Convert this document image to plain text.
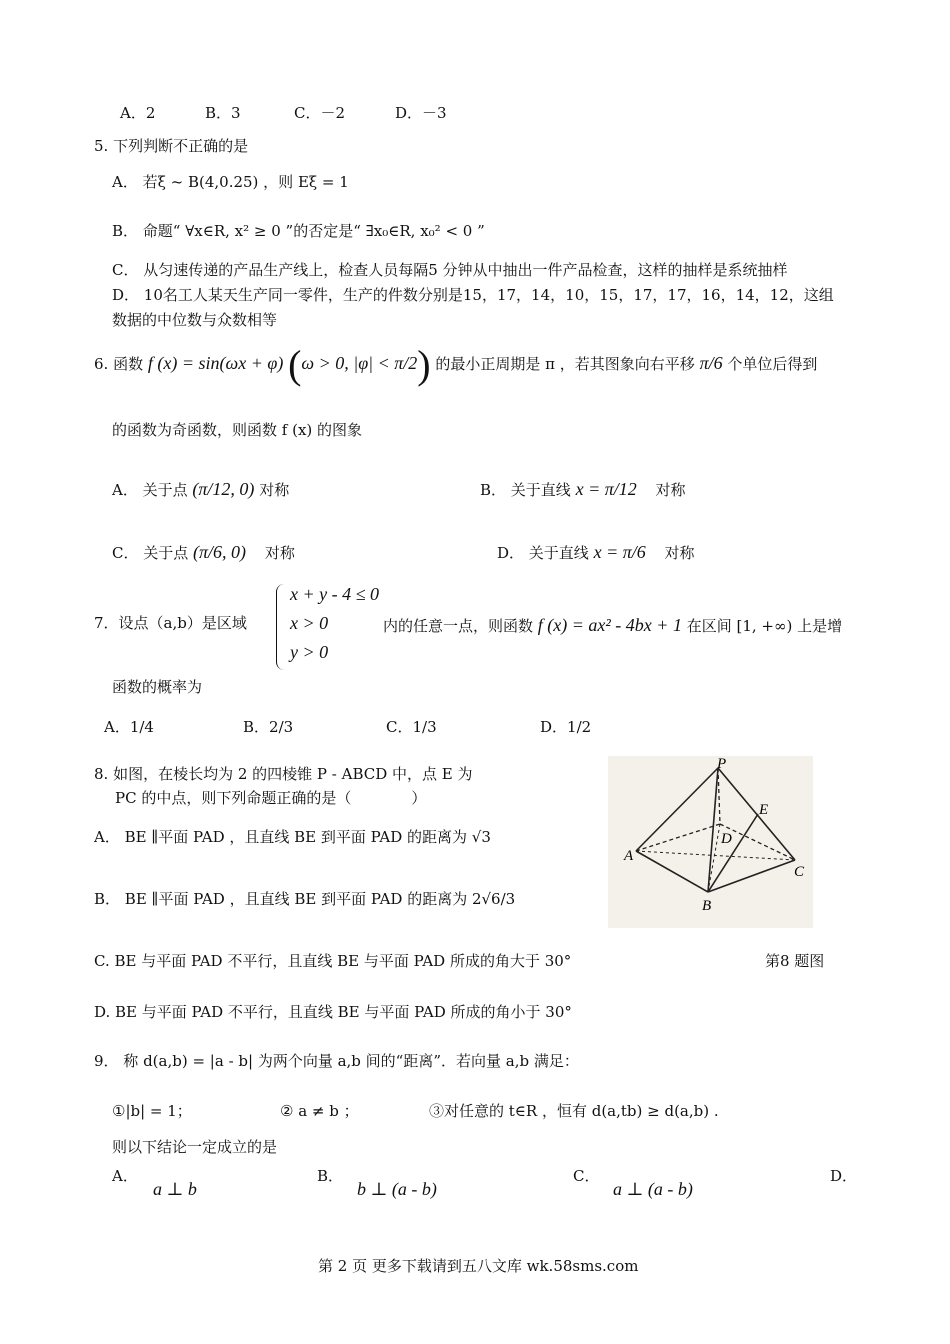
A．2	B．3	C．－2	D．－3
5. 下列判断不正确的是
A． 若ξ ~ B(4,0.25) ，则 Eξ = 1
B． 命题“ ∀x∈R, x² ≥ 0 ”的否定是“ ∃x₀∈R, x₀² < 0 ”
C． 从匀速传递的产品生产线上，检查人员每隔5 分钟从中抽出一件产品检查，这样的抽样是系统抽样
D． 10名工人某天生产同一零件，生产的件数分别是15，17，14，10，15，17，17，16，14，12，这组
数据的中位数与众数相等
6. 函数 f (x) = sin(ωx + φ) (ω > 0, |φ| < π/2) 的最小正周期是 π ，若其图象向右平移 π/6 个单位后得到
的函数为奇函数，则函数 f (x) 的图象
A． 关于点 (π/12, 0) 对称	B． 关于直线 x = π/12 对称
C． 关于点 (π/6, 0) 对称	D． 关于直线 x = π/6 对称
7．设点（a,b）是区域
x + y - 4 ≤ 0
x > 0
y > 0
内的任意一点，则函数 f (x) = ax² - 4bx + 1 在区间 [1, +∞) 上是增
函数的概率为
A．1/4	B．2/3	C．1/3	D．1/2
8. 如图，在棱长均为 2 的四棱锥 P - ABCD 中，点 E 为
PC 的中点，则下列命题正确的是（　　　　）
A． BE ∥平面 PAD ，且直线 BE 到平面 PAD 的距离为 √3
B． BE ∥平面 PAD ，且直线 BE 到平面 PAD 的距离为 2√6/3
C. BE 与平面 PAD 不平行，且直线 BE 与平面 PAD 所成的角大于 30°
D. BE 与平面 PAD 不平行，且直线 BE 与平面 PAD 所成的角小于 30°
第8 题图
P
E
D
A
C
B
9． 称 d(a,b) = |a - b| 为两个向量 a,b 间的“距离”．若向量 a,b 满足：
①|b| = 1；	② a ≠ b ；	③对任意的 t∈R ，恒有 d(a,tb) ≥ d(a,b) .
则以下结论一定成立的是
A．
a ⊥ b
B．
b ⊥ (a - b)
C．
a ⊥ (a - b)
D．
第 2 页 更多下载请到五八文库 wk.58sms.com
